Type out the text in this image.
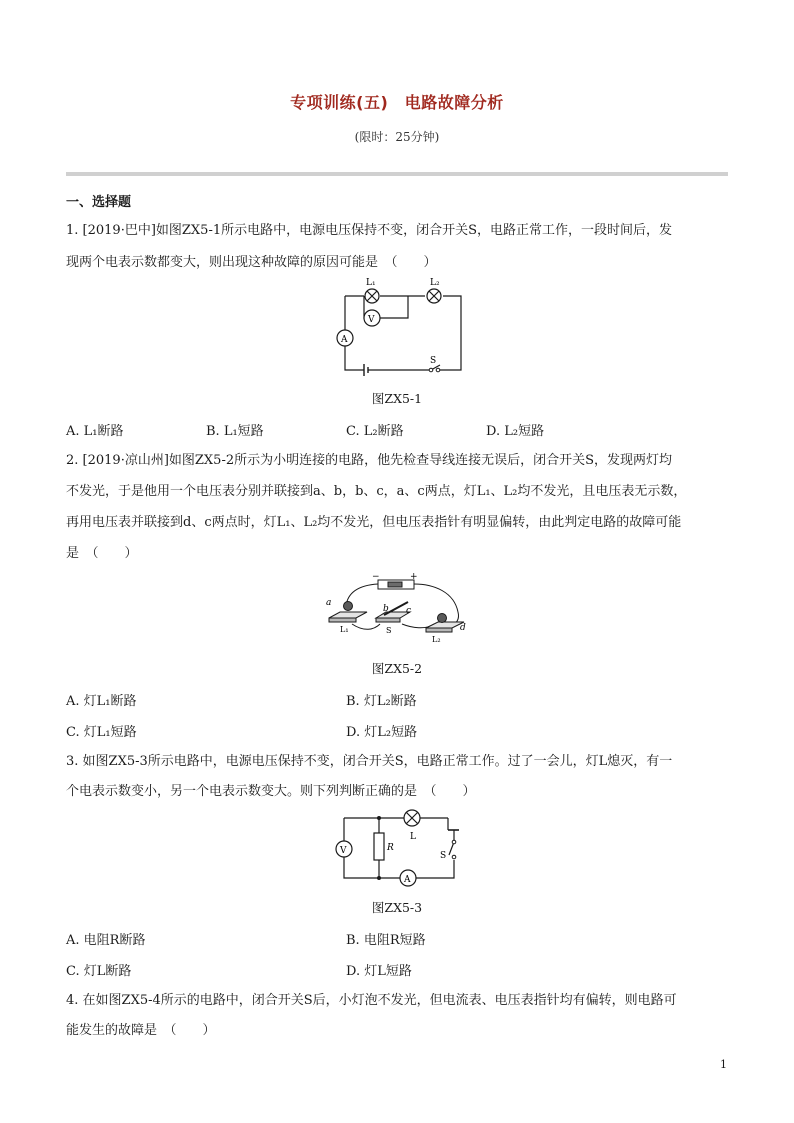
专项训练(五)　电路故障分析
(限时：25分钟)
一、选择题
1. [2019·巴中]如图ZX5-1所示电路中，电源电压保持不变，闭合开关S，电路正常工作，一段时间后，发
现两个电表示数都变大，则出现这种故障的原因可能是　（　　）
L₁	L₂
V
A
S
图ZX5-1
A. L₁断路	B. L₁短路	C. L₂断路	D. L₂短路
2. [2019·凉山州]如图ZX5-2所示为小明连接的电路，他先检查导线连接无误后，闭合开关S，发现两灯均
不发光，于是他用一个电压表分别并联接到a、b，b、c，a、c两点，灯L₁、L₂均不发光，且电压表无示数，
再用电压表并联接到d、c两点时，灯L₁、L₂均不发光，但电压表指针有明显偏转，由此判定电路的故障可能
是　（　　）
−	+
a
b c
d
L₁	S
L₂
图ZX5-2
A. 灯L₁断路	B. 灯L₂断路
C. 灯L₁短路	D. 灯L₂短路
3. 如图ZX5-3所示电路中，电源电压保持不变，闭合开关S，电路正常工作。过了一会儿，灯L熄灭，有一
个电表示数变小，另一个电表示数变大。则下列判断正确的是　（　　）
V	R
L
S
A
图ZX5-3
A. 电阻R断路	B. 电阻R短路
C. 灯L断路	D. 灯L短路
4. 在如图ZX5-4所示的电路中，闭合开关S后，小灯泡不发光，但电流表、电压表指针均有偏转，则电路可
能发生的故障是　（　　）
1
